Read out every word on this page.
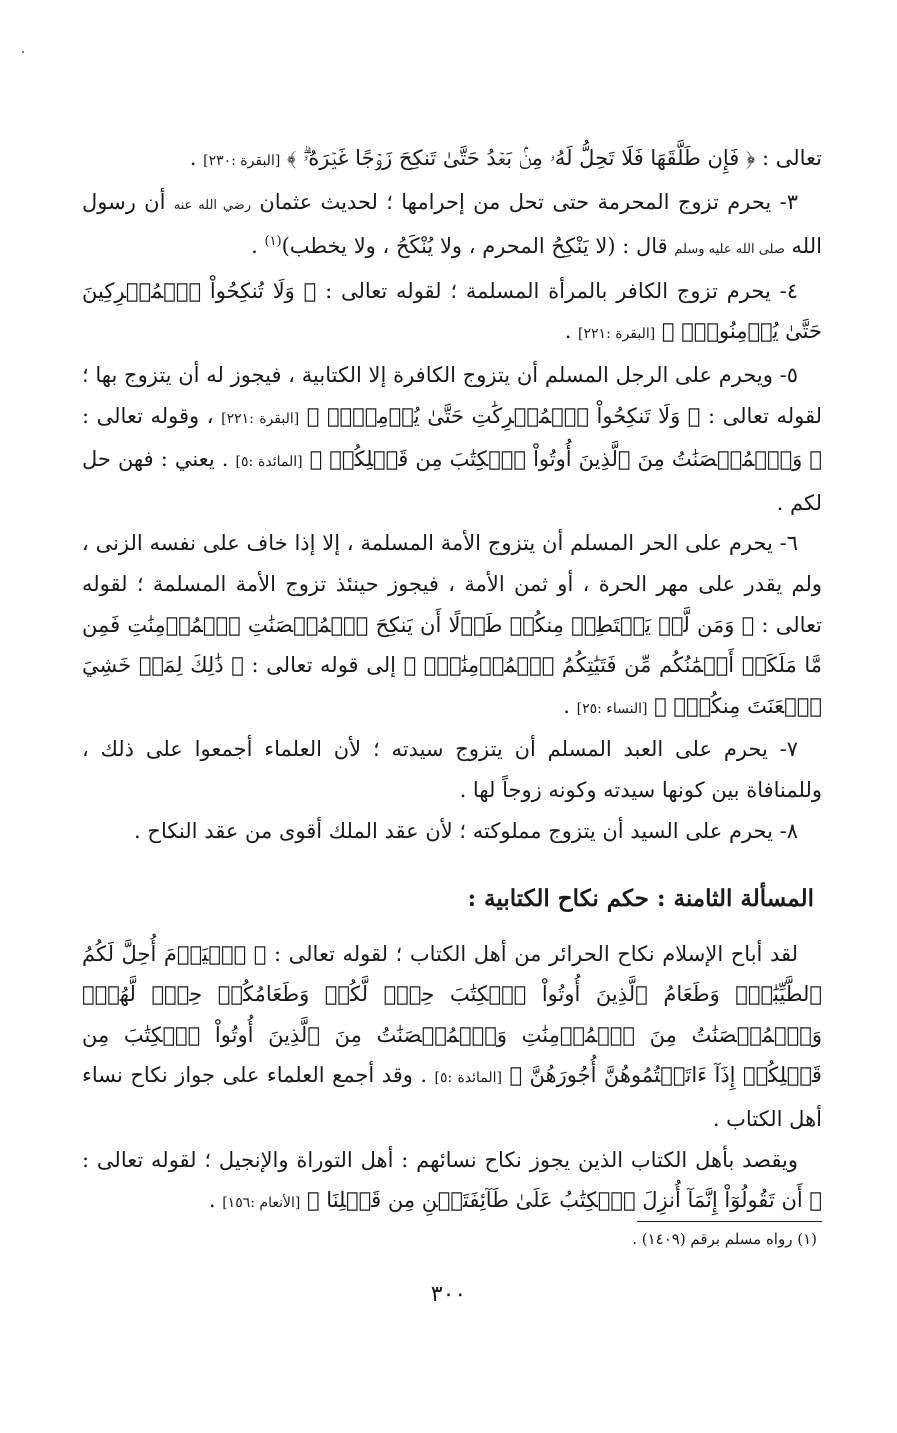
تعالى : ﴿ فَإِن طَلَّقَهَا فَلَا تَحِلُّ لَهُۥ مِنۢ بَعۡدُ حَتَّىٰ تَنكِحَ زَوۡجًا غَيۡرَهُۥۗ ﴾ [البقرة :٢٣٠] .

٣- يحرم تزوج المحرمة حتى تحل من إحرامها ؛ لحديث عثمان رضي الله عنه أن رسول الله صلى الله عليه وسلم قال : (لا يَنْكِحُ المحرم ، ولا يُنْكَحُ ، ولا يخطب)$^{(١)}$ .

٤- يحرم تزوج الكافر بالمرأة المسلمة ؛ لقوله تعالى : ﴿ وَلَا تُنكِحُواْ ٱلۡمُشۡرِكِينَ حَتَّىٰ يُؤۡمِنُواْۚ ﴾ [البقرة :٢٢١] .

٥- ويحرم على الرجل المسلم أن يتزوج الكافرة إلا الكتابية ، فيجوز له أن يتزوج بها ؛ لقوله تعالى : ﴿ وَلَا تَنكِحُواْ ٱلۡمُشۡرِكَٰتِ حَتَّىٰ يُؤۡمِنَّۚ ﴾ [البقرة :٢٢١] ، وقوله تعالى : ﴿ وَٱلۡمُحۡصَنَٰتُ مِنَ ٱلَّذِينَ أُوتُواْ ٱلۡكِتَٰبَ مِن قَبۡلِكُمۡ ﴾ [المائدة :٥] . يعني : فهن حل لكم .

٦- يحرم على الحر المسلم أن يتزوج الأمة المسلمة ، إلا إذا خاف على نفسه الزنى ، ولم يقدر على مهر الحرة ، أو ثمن الأمة ، فيجوز حينئذ تزوج الأمة المسلمة ؛ لقوله تعالى : ﴿ وَمَن لَّمۡ يَسۡتَطِعۡ مِنكُمۡ طَوۡلًا أَن يَنكِحَ ٱلۡمُحۡصَنَٰتِ ٱلۡمُؤۡمِنَٰتِ فَمِن مَّا مَلَكَتۡ أَيۡمَٰنُكُم مِّن فَتَيَٰتِكُمُ ٱلۡمُؤۡمِنَٰتِۚ ﴾ إلى قوله تعالى : ﴿ ذَٰلِكَ لِمَنۡ خَشِيَ ٱلۡعَنَتَ مِنكُمۡۚ ﴾ [النساء :٢٥] .

٧- يحرم على العبد المسلم أن يتزوج سيدته ؛ لأن العلماء أجمعوا على ذلك ، وللمنافاة بين كونها سيدته وكونه زوجاً لها .

٨- يحرم على السيد أن يتزوج مملوكته ؛ لأن عقد الملك أقوى من عقد النكاح .

المسألة الثامنة : حكم نكاح الكتابية :

لقد أباح الإسلام نكاح الحرائر من أهل الكتاب ؛ لقوله تعالى : ﴿ ٱلۡيَوۡمَ أُحِلَّ لَكُمُ ٱلطَّيِّبَٰتُۖ وَطَعَامُ ٱلَّذِينَ أُوتُواْ ٱلۡكِتَٰبَ حِلّٞ لَّكُمۡ وَطَعَامُكُمۡ حِلّٞ لَّهُمۡۖ وَٱلۡمُحۡصَنَٰتُ مِنَ ٱلۡمُؤۡمِنَٰتِ وَٱلۡمُحۡصَنَٰتُ مِنَ ٱلَّذِينَ أُوتُواْ ٱلۡكِتَٰبَ مِن قَبۡلِكُمۡ إِذَآ ءَاتَيۡتُمُوهُنَّ أُجُورَهُنَّ ﴾ [المائدة :٥] . وقد أجمع العلماء على جواز نكاح نساء أهل الكتاب .

ويقصد بأهل الكتاب الذين يجوز نكاح نسائهم : أهل التوراة والإنجيل ؛ لقوله تعالى : ﴿ أَن تَقُولُوٓاْ إِنَّمَآ أُنزِلَ ٱلۡكِتَٰبُ عَلَىٰ طَآئِفَتَيۡنِ مِن قَبۡلِنَا ﴾ [الأنعام :١٥٦] .

(١) رواه مسلم برقم (١٤٠٩) .
٣٠٠
